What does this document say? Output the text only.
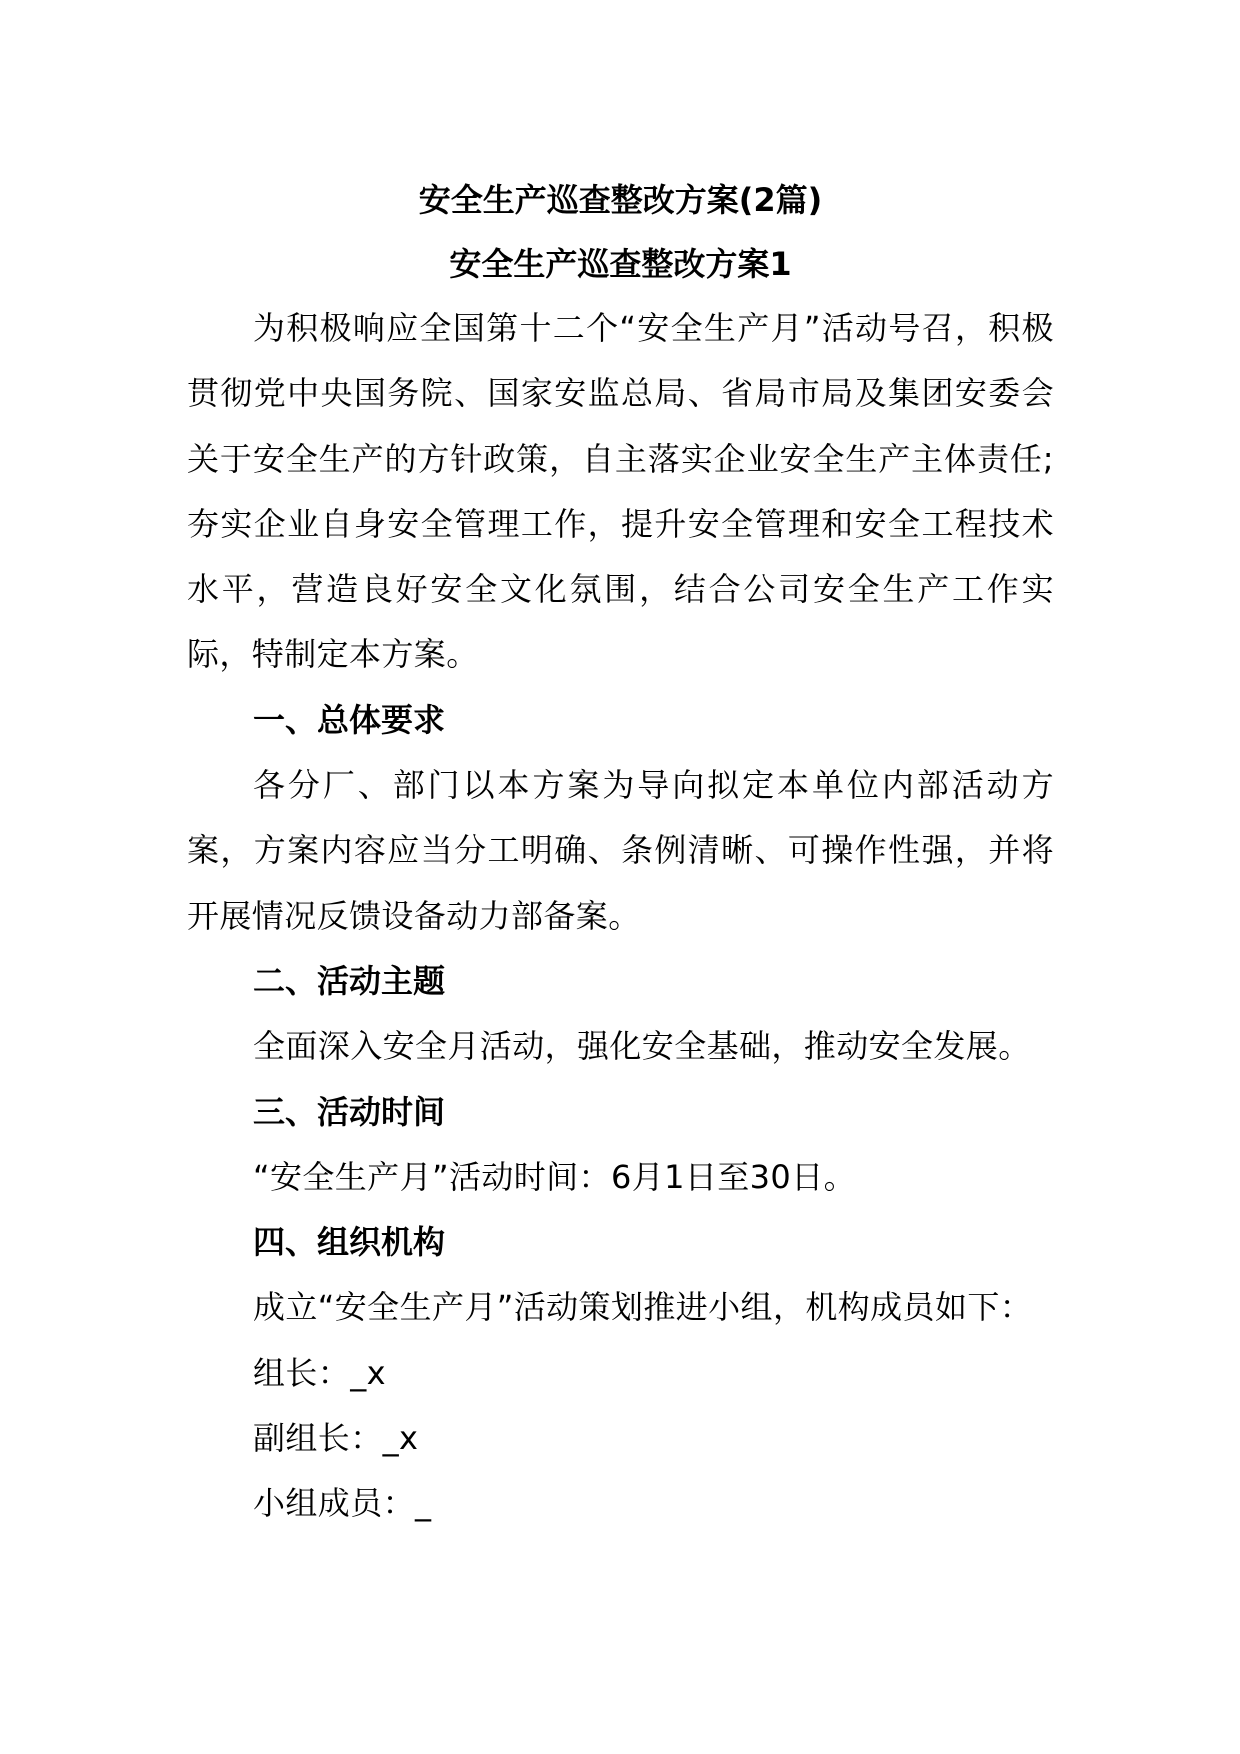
安全生产巡查整改方案(2篇)
安全生产巡查整改方案1

为积极响应全国第十二个“安全生产月”活动号召，积极贯彻党中央国务院、国家安监总局、省局市局及集团安委会关于安全生产的方针政策，自主落实企业安全生产主体责任;夯实企业自身安全管理工作，提升安全管理和安全工程技术水平，营造良好安全文化氛围，结合公司安全生产工作实际，特制定本方案。

一、总体要求

各分厂、部门以本方案为导向拟定本单位内部活动方案，方案内容应当分工明确、条例清晰、可操作性强，并将开展情况反馈设备动力部备案。

二、活动主题

全面深入安全月活动，强化安全基础，推动安全发展。

三、活动时间

“安全生产月”活动时间：6月1日至30日。

四、组织机构

成立“安全生产月”活动策划推进小组，机构成员如下：

组长：_x

副组长：_x

小组成员：_
